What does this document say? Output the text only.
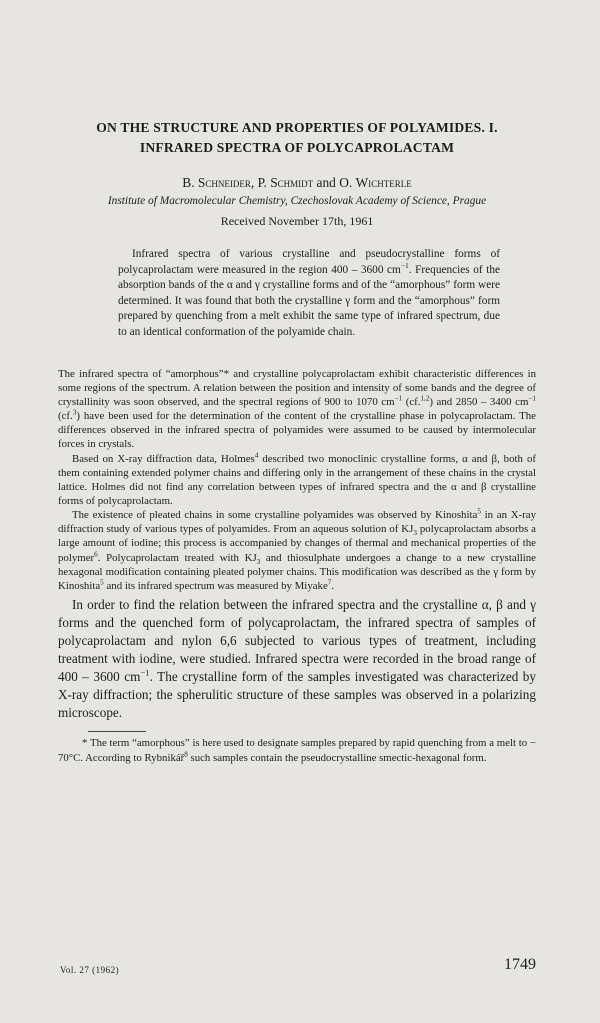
ON THE STRUCTURE AND PROPERTIES OF POLYAMIDES. I.
INFRARED SPECTRA OF POLYCAPROLACTAM
B. Schneider, P. Schmidt and O. Wichterle
Institute of Macromolecular Chemistry, Czechoslovak Academy of Science, Prague
Received November 17th, 1961

Infrared spectra of various crystalline and pseudocrystalline forms of polycaprolactam were measured in the region 400 – 3600 $cm^{-1}$. Frequencies of the absorption bands of the α and γ crystalline forms and of the “amorphous” form were determined. It was found that both the crystalline γ form and the “amorphous” form prepared by quenching from a melt exhibit the same type of infrared spectrum, due to an identical conformation of the polyamide chain.

The infrared spectra of “amorphous”* and crystalline polycaprolactam exhibit characteristic differences in some regions of the spectrum. A relation between the position and intensity of some bands and the degree of crystallinity was soon observed, and the spectral regions of 900 to 1070 $cm^{-1}$ (cf.$^{1,2}$) and 2850 – 3400 $cm^{-1}$ (cf.$^3$) have been used for the determination of the content of the crystalline phase in polycaprolactam. The differences observed in the infrared spectra of polyamides were assumed to be caused by intermolecular forces in crystals.

Based on X-ray diffraction data, Holmes$^4$ described two monoclinic crystalline forms, α and β, both of them containing extended polymer chains and differing only in the arrangement of these chains in the crystal lattice. Holmes did not find any correlation between types of infrared spectra and the α and β crystalline forms of polycaprolactam.

The existence of pleated chains in some crystalline polyamides was observed by Kinoshita$^5$ in an X-ray diffraction study of various types of polyamides. From an aqueous solution of $KJ_3$ polycaprolactam absorbs a large amount of iodine; this process is accompanied by changes of thermal and mechanical properties of the polymer$^6$. Polycaprolactam treated with $KJ_3$ and thiosulphate undergoes a change to a new crystalline hexagonal modification containing pleated polymer chains. This modification was described as the γ form by Kinoshita$^5$ and its infrared spectrum was measured by Miyake$^7$.

In order to find the relation between the infrared spectra and the crystalline α, β and γ forms and the quenched form of polycaprolactam, the infrared spectra of samples of polycaprolactam and nylon 6,6 subjected to various types of treatment, including treatment with iodine, were studied. Infrared spectra were recorded in the broad range of 400 – 3600 $cm^{-1}$. The crystalline form of the samples investigated was characterized by X-ray diffraction; the spherulitic structure of these samples was observed in a polarizing microscope.

* The term “amorphous” is here used to designate samples prepared by rapid quenching from a melt to − 70°C. According to Rybnikář$^8$ such samples contain the pseudocrystalline smectic-hexagonal form.

Vol. 27 (1962)	1749
